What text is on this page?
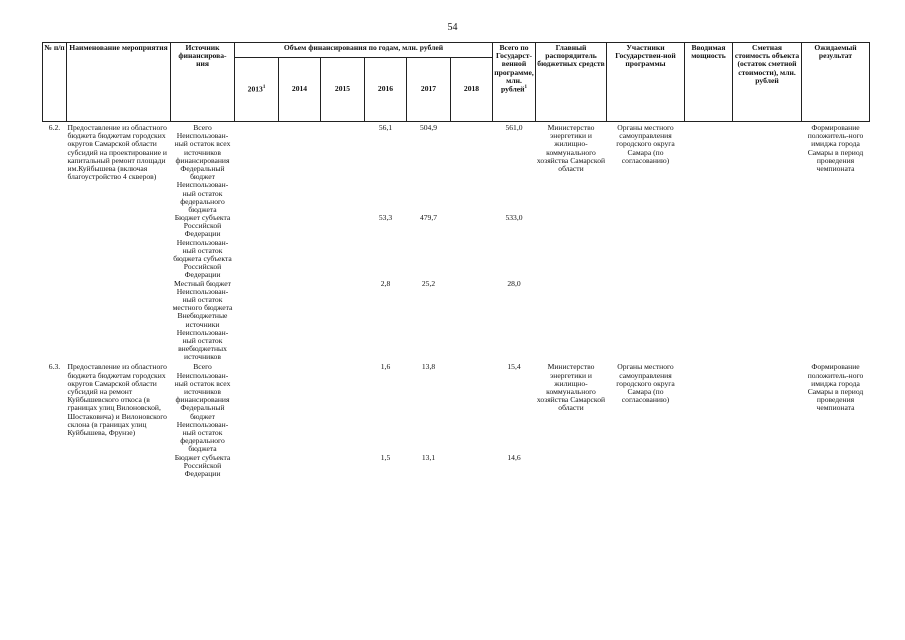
54
№ п/п	Наименование мероприятия	Источник финансирова-ния	Объем финансирования по годам, млн. рублей						Всего по Государст-венной программе, млн. рублей$^1$	Главный распорядитель бюджетных средств	Участники Государствен-ной программы	Вводимая мощность	Сметная стоимость объекта (остаток сметной стоимости), млн. рублей	Ожидаемый результат
			2013$^1$	2014	2015	2016	2017	2018						
6.2.	Предоставление из областного бюджета бюджетам городских округов Самарской области субсидий на проектирование и капитальный ремонт площади им.Куйбышева (включая благоустройство 4 скверов)	Всего				56,1	504,9		561,0	Министерство энергетики и жилищно-коммунального хозяйства Самарской области	Органы местного самоуправления городского округа Самара (по согласованию)			Формирование положитель-ного имиджа города Самары в период проведения чемпионата
		Неиспользован-ный остаток всех источников финансирования												
		Федеральный бюджет												
		Неиспользован-ный остаток федерального бюджета												
		Бюджет субъекта Российской Федерации				53,3	479,7		533,0					
		Неиспользован-ный остаток бюджета субъекта Российской Федерации												
		Местный бюджет				2,8	25,2		28,0					
		Неиспользован-ный остаток местного бюджета												
		Внебюджетные источники												
		Неиспользован-ный остаток внебюджетных источников												
6.3.	Предоставление из областного бюджета бюджетам городских округов Самарской области субсидий на ремонт Куйбышевского откоса (в границах улиц Вилоновской, Шостаковича) и Вилоновского склона (в границах улиц Куйбышева, Фрунзе)	Всего				1,6	13,8		15,4	Министерство энергетики и жилищно-коммунального хозяйства Самарской области	Органы местного самоуправления городского округа Самара (по согласованию)			Формирование положитель-ного имиджа города Самары в период проведения чемпионата
		Неиспользован-ный остаток всех источников финансирования												
		Федеральный бюджет												
		Неиспользован-ный остаток федерального бюджета												
		Бюджет субъекта Российской Федерации				1,5	13,1		14,6					
